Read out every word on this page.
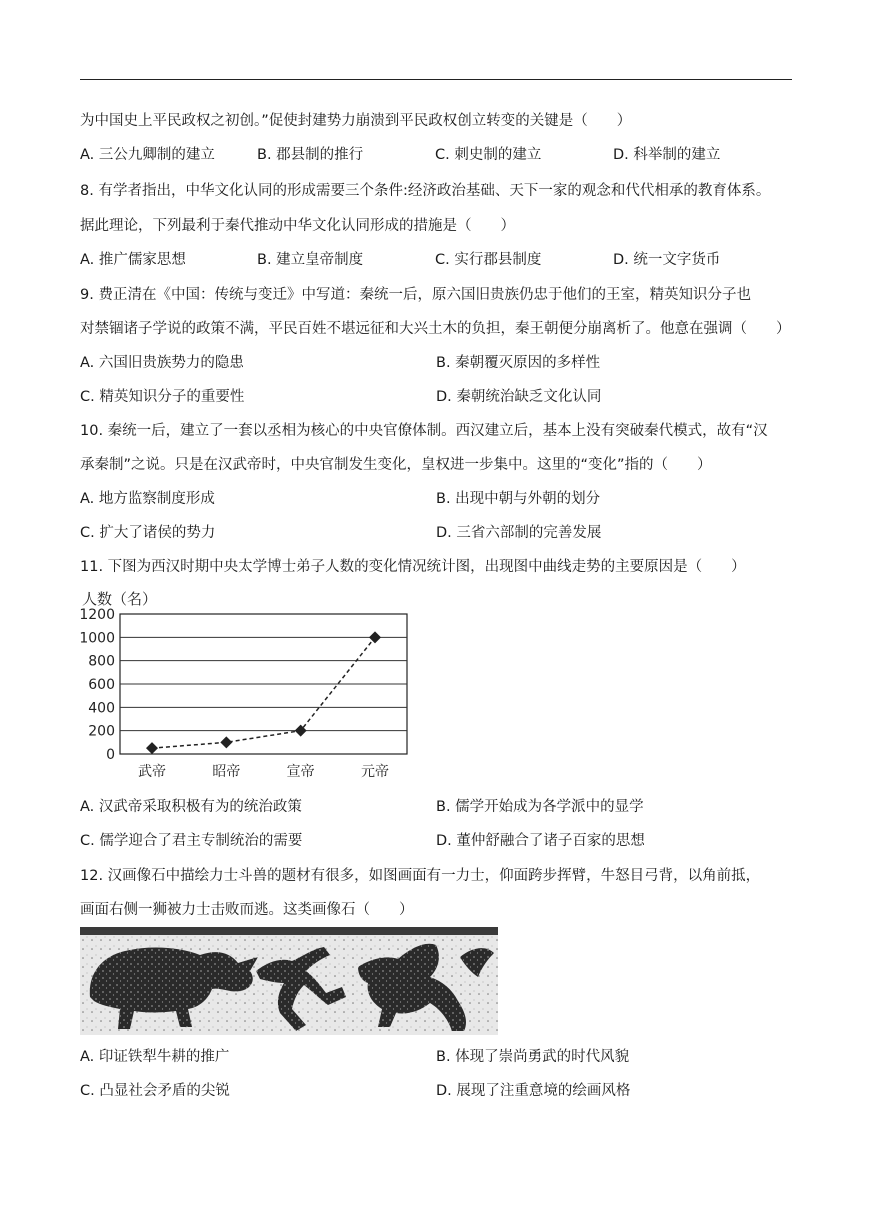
为中国史上平民政权之初创。”促使封建势力崩溃到平民政权创立转变的关键是（　　）
A. 三公九卿制的建立	B. 郡县制的推行	C. 刺史制的建立	D. 科举制的建立
8. 有学者指出，中华文化认同的形成需要三个条件:经济政治基础、天下一家的观念和代代相承的教育体系。
据此理论，下列最利于秦代推动中华文化认同形成的措施是（　　）
A. 推广儒家思想	B. 建立皇帝制度	C. 实行郡县制度	D. 统一文字货币
9. 费正清在《中国：传统与变迁》中写道：秦统一后，原六国旧贵族仍忠于他们的王室，精英知识分子也
对禁锢诸子学说的政策不满，平民百姓不堪远征和大兴土木的负担，秦王朝便分崩离析了。他意在强调（　　）
A. 六国旧贵族势力的隐患	B. 秦朝覆灭原因的多样性
C. 精英知识分子的重要性	D. 秦朝统治缺乏文化认同
10. 秦统一后，建立了一套以丞相为核心的中央官僚体制。西汉建立后，基本上没有突破秦代模式，故有“汉
承秦制”之说。只是在汉武帝时，中央官制发生变化，皇权进一步集中。这里的“变化”指的（　　）
A. 地方监察制度形成	B. 出现中朝与外朝的划分
C. 扩大了诸侯的势力	D. 三省六部制的完善发展
11. 下图为西汉时期中央太学博士弟子人数的变化情况统计图，出现图中曲线走势的主要原因是（　　）
人数（名）
1200
1000
800
600
400
200
0
武帝	昭帝	宣帝	元帝
A. 汉武帝采取积极有为的统治政策	B. 儒学开始成为各学派中的显学
C. 儒学迎合了君主专制统治的需要	D. 董仲舒融合了诸子百家的思想
12. 汉画像石中描绘力士斗兽的题材有很多，如图画面有一力士，仰面跨步挥臂，牛怒目弓背，以角前抵，
画面右侧一狮被力士击败而逃。这类画像石（　　）
A. 印证铁犁牛耕的推广	B. 体现了崇尚勇武的时代风貌
C. 凸显社会矛盾的尖锐	D. 展现了注重意境的绘画风格
